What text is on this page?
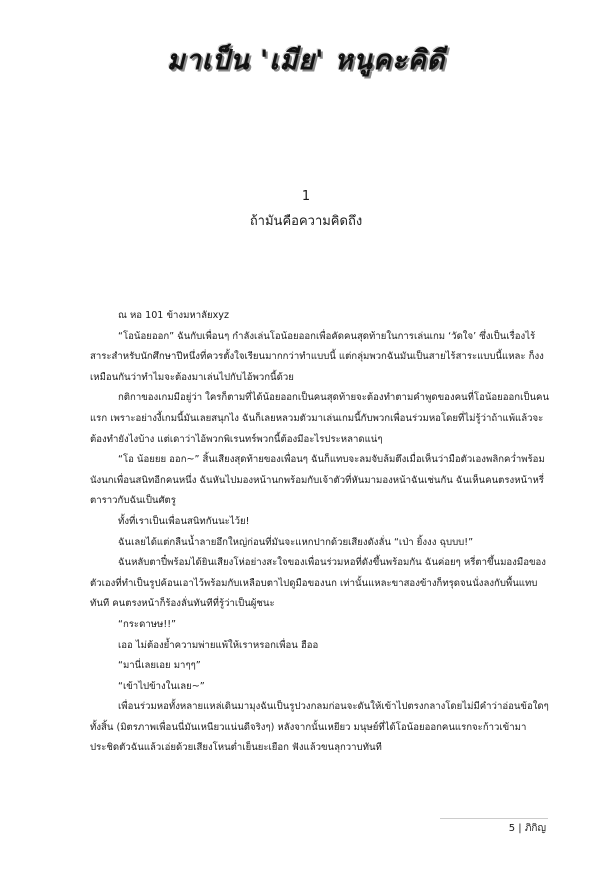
มาเป็น 'เมีย' หนูคะคิดี
1
ถ้ามันคือความคิดถึง

ณ หอ 101 ข้างมหาลัยxyz

“โอน้อยออก” ฉันกับเพื่อนๆ กำลังเล่นโอน้อยออกเพื่อคัดคนสุดท้ายในการเล่นเกม ‘วัดใจ’ ซึ่งเป็นเรื่องไร้สาระสำหรับนักศึกษาปีหนึ่งที่ควรตั้งใจเรียนมากกว่าทำแบบนี้ แต่กลุ่มพวกฉันมันเป็นสายไร้สาระแบบนี้แหละ ก็งงเหมือนกันว่าทำไมจะต้องมาเล่นไปกับไอ้พวกนี้ด้วย

กติกาของเกมมีอยู่ว่า ใครก็ตามที่ได้น้อยออกเป็นคนสุดท้ายจะต้องทำตามคำพูดของคนที่โอน้อยออกเป็นคนแรก เพราะอย่างงี้เกมนี้มันเลยสนุกไง ฉันก็เลยหลวมตัวมาเล่นเกมนี้กับพวกเพื่อนร่วมหอโดยที่ไม่รู้ว่าถ้าแพ้แล้วจะต้องทำยังไงบ้าง แต่เดาว่าไอ้พวกพิเรนทร์พวกนี้ต้องมีอะไรประหลาดแน่ๆ

“โอ น้อยยย ออก~” สิ้นเสียงสุดท้ายของเพื่อนๆ ฉันก็แทบจะลมจับล้มตึงเมื่อเห็นว่ามือตัวเองพลิกคว่ำพร้อมนังนกเพื่อนสนิทอีกคนหนึ่ง ฉันหันไปมองหน้านกพร้อมกับเจ้าตัวที่หันมามองหน้าฉันเช่นกัน ฉันเห็นคนตรงหน้าหรี่ตาราวกับฉันเป็นศัตรู

ทั้งที่เราเป็นเพื่อนสนิทกันนะไว้ย!

ฉันเลยได้แต่กลืนน้ำลายอึกใหญ่ก่อนที่มันจะแหกปากด้วยเสียงดังลั่น “เป่า ยิ้งงง ฉุบบบ!”

ฉันหลับตาปี๋พร้อมได้ยินเสียงโห่อย่างสะใจของเพื่อนร่วมหอที่ดังขึ้นพร้อมกัน ฉันค่อยๆ หรี่ตาขึ้นมองมือของตัวเองที่ทำเป็นรูปค้อนเอาไว้พร้อมกับเหลือบตาไปดูมือของนก เท่านั้นแหละขาสองข้างก็ทรุดจนนั่งลงกับพื้นแทบทันที คนตรงหน้าก็ร้องลั่นทันทีที่รู้ว่าเป็นผู้ชนะ

“กระดาษษ!!”

เออ ไม่ต้องย้ำความพ่ายแพ้ให้เราหรอกเพื่อน ฮืออ

“มานี่เลยเอย มาๆๆ”

“เข้าไปข้างในเลย~”

เพื่อนร่วมหอทั้งหลายแหล่เดินมามุงฉันเป็นรูปวงกลมก่อนจะดันให้เข้าไปตรงกลางโดยไม่มีคำว่าอ่อนข้อใดๆทั้งสิ้น (มิตรภาพเพื่อนนี่มันเหนียวแน่นดีจริงๆ) หลังจากนั้นเหยียว มนุษย์ที่ได้โอน้อยออกคนแรกจะก้าวเข้ามาประชิดตัวฉันแล้วเอ่ยด้วยเสียงโหนต่ำเย็นยะเยือก ฟังแล้วขนลุกวาบทันที

5 | ภิกิญ
